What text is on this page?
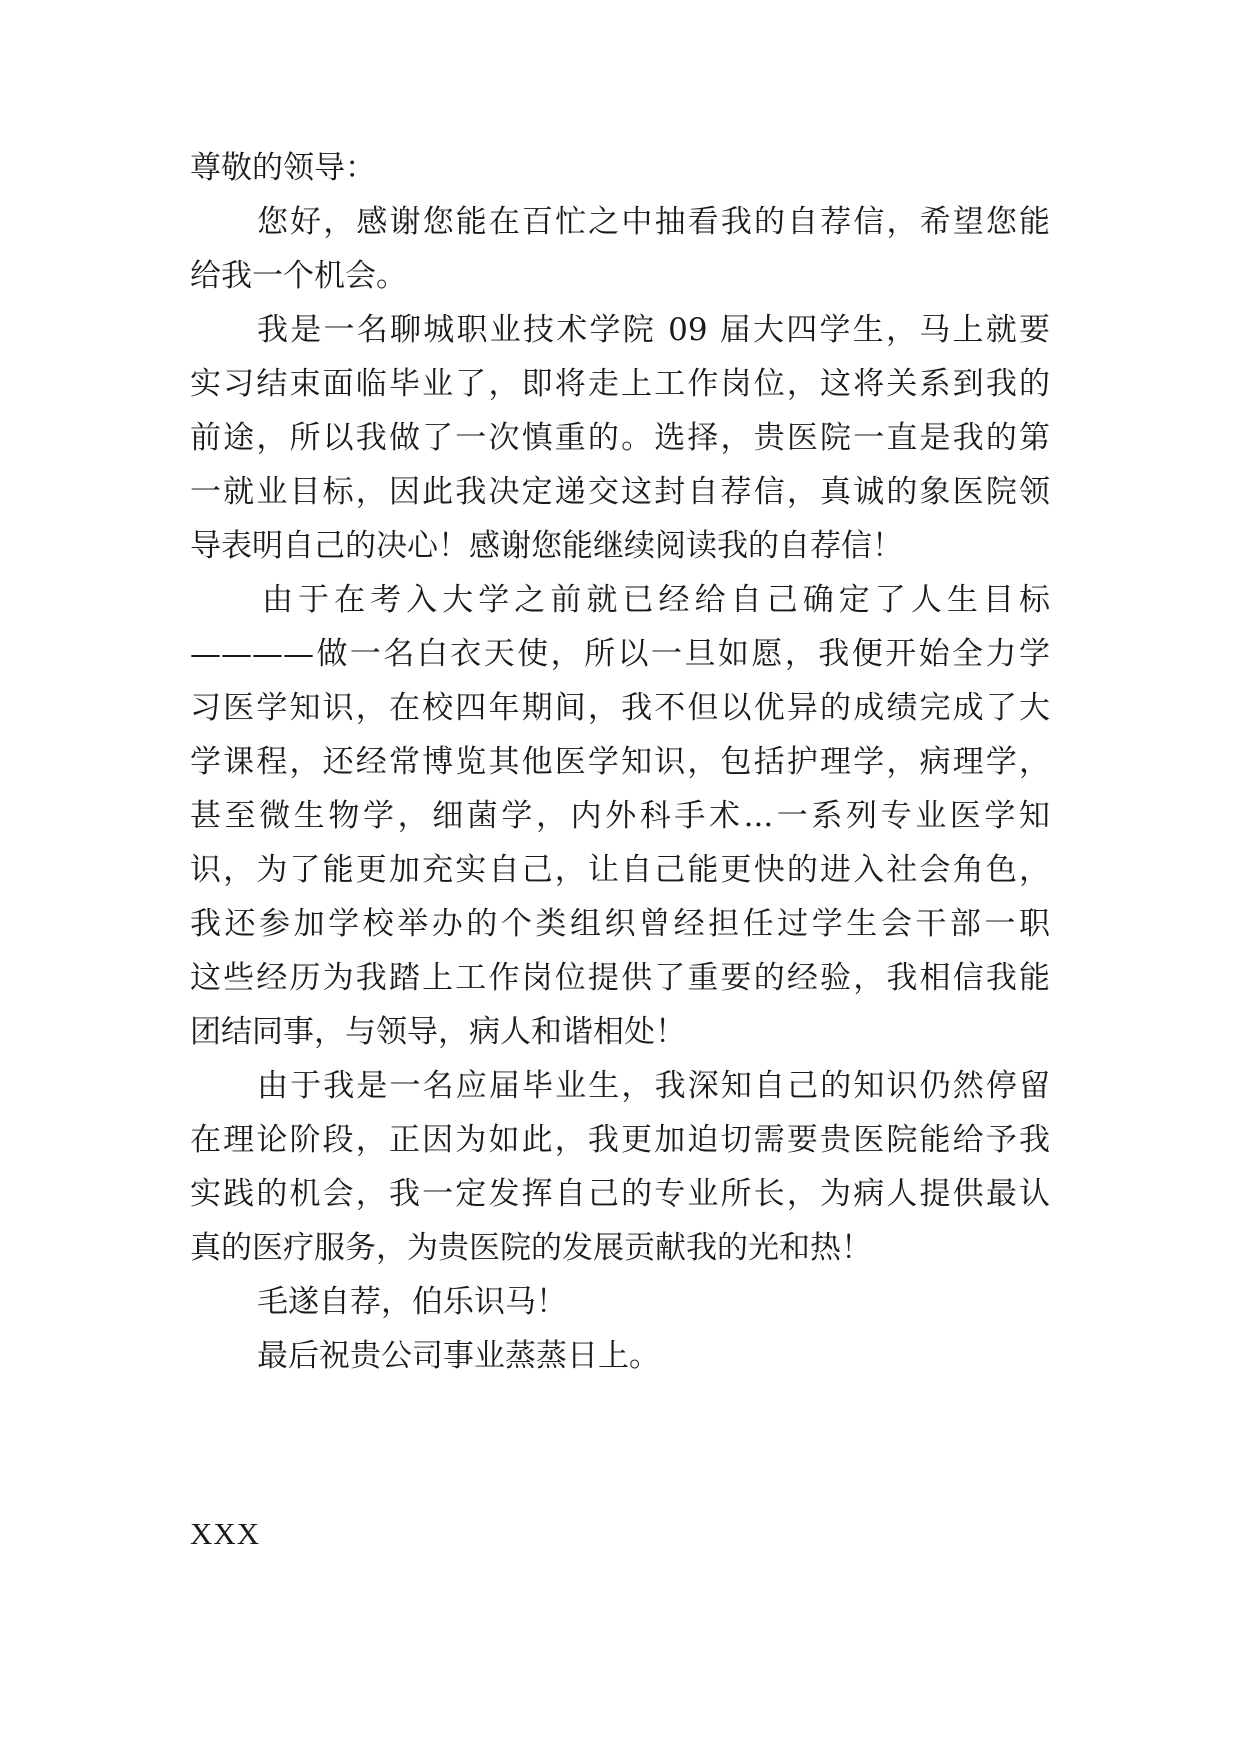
尊敬的领导：
您好，感谢您能在百忙之中抽看我的自荐信，希望您能
给我一个机会。
我是一名聊城职业技术学院 09 届大四学生，马上就要
实习结束面临毕业了，即将走上工作岗位，这将关系到我的
前途，所以我做了一次慎重的。选择，贵医院一直是我的第
一就业目标，因此我决定递交这封自荐信，真诚的象医院领
导表明自己的决心！感谢您能继续阅读我的自荐信！
由于在考入大学之前就已经给自己确定了人生目标
————做一名白衣天使，所以一旦如愿，我便开始全力学
习医学知识，在校四年期间，我不但以优异的成绩完成了大
学课程，还经常博览其他医学知识，包括护理学，病理学，
甚至微生物学，细菌学，内外科手术...一系列专业医学知
识，为了能更加充实自己，让自己能更快的进入社会角色，
我还参加学校举办的个类组织曾经担任过学生会干部一职
这些经历为我踏上工作岗位提供了重要的经验，我相信我能
团结同事，与领导，病人和谐相处！
由于我是一名应届毕业生，我深知自己的知识仍然停留
在理论阶段，正因为如此，我更加迫切需要贵医院能给予我
实践的机会，我一定发挥自己的专业所长，为病人提供最认
真的医疗服务，为贵医院的发展贡献我的光和热！
毛遂自荐，伯乐识马！
最后祝贵公司事业蒸蒸日上。
XXX
